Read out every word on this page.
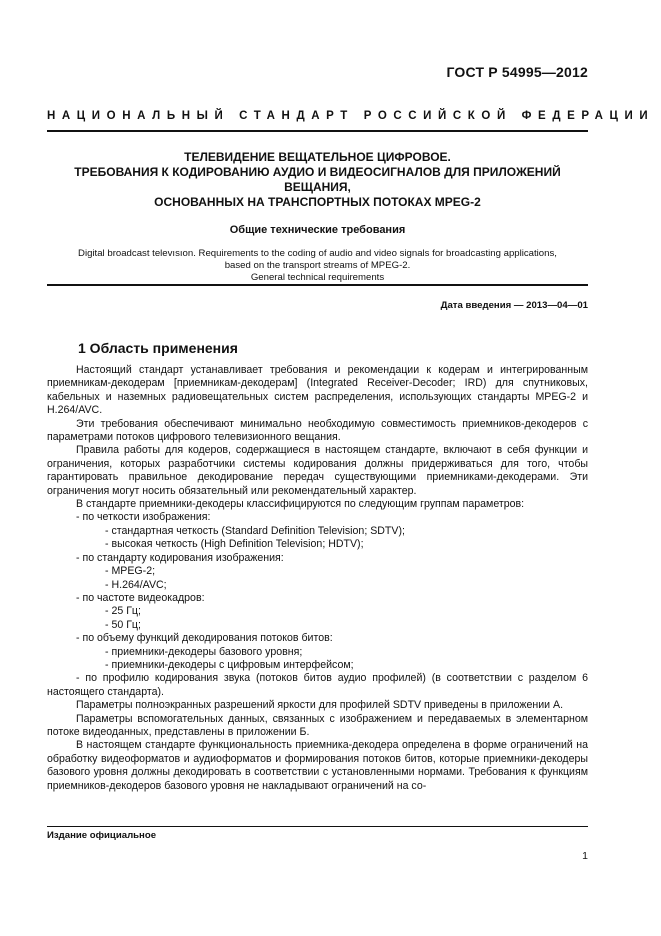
ГОСТ Р 54995—2012
НАЦИОНАЛЬНЫЙ СТАНДАРТ РОССИЙСКОЙ ФЕДЕРАЦИИ
ТЕЛЕВИДЕНИЕ ВЕЩАТЕЛЬНОЕ ЦИФРОВОЕ.
ТРЕБОВАНИЯ К КОДИРОВАНИЮ АУДИО И ВИДЕОСИГНАЛОВ ДЛЯ ПРИЛОЖЕНИЙ ВЕЩАНИЯ,
ОСНОВАННЫХ НА ТРАНСПОРТНЫХ ПОТОКАХ MPEG-2
Общие технические требования
Digital broadcast televısıon. Requirements to the coding of audio and video signals for broadcasting applications,
based on the transport streams of MPEG-2.
General technical requirements
Дата введения — 2013—04—01
1 Область применения

Настоящий стандарт устанавливает требования и рекомендации к кодерам и интегрированным приемникам-декодерам [приемникам-декодерам] (Integrated Receiver-Decoder; IRD) для спутниковых, кабельных и наземных радиовещательных систем распределения, использующих стандарты MPEG-2 и H.264/AVC.

Эти требования обеспечивают минимально необходимую совместимость приемников-декодеров с параметрами потоков цифрового телевизионного вещания.

Правила работы для кодеров, содержащиеся в настоящем стандарте, включают в себя функции и ограничения, которых разработчики системы кодирования должны придерживаться для того, чтобы гарантировать правильное декодирование передач существующими приемниками-декодерами. Эти ограничения могут носить обязательный или рекомендательный характер.

В стандарте приемники-декодеры классифицируются по следующим группам параметров:

- по четкости изображения:

- стандартная четкость (Standard Definition Television; SDTV);

- высокая четкость (High Definition Television; HDTV);

- по стандарту кодирования изображения:

- MPEG-2;

- H.264/AVC;

- по частоте видеокадров:

- 25 Гц;

- 50 Гц;

- по объему функций декодирования потоков битов:

- приемники-декодеры базового уровня;

- приемники-декодеры с цифровым интерфейсом;

- по профилю кодирования звука (потоков битов аудио профилей) (в соответствии с разделом 6 настоящего стандарта).

Параметры полноэкранных разрешений яркости для профилей SDTV приведены в приложении А.

Параметры вспомогательных данных, связанных с изображением и передаваемых в элементарном потоке видеоданных, представлены в приложении Б.

В настоящем стандарте функциональность приемника-декодера определена в форме ограничений на обработку видеоформатов и аудиоформатов и формирования потоков битов, которые приемники-декодеры базового уровня должны декодировать в соответствии с установленными нормами. Требования к функциям приемников-декодеров базового уровня не накладывают ограничений на со-

Издание официальное
1
